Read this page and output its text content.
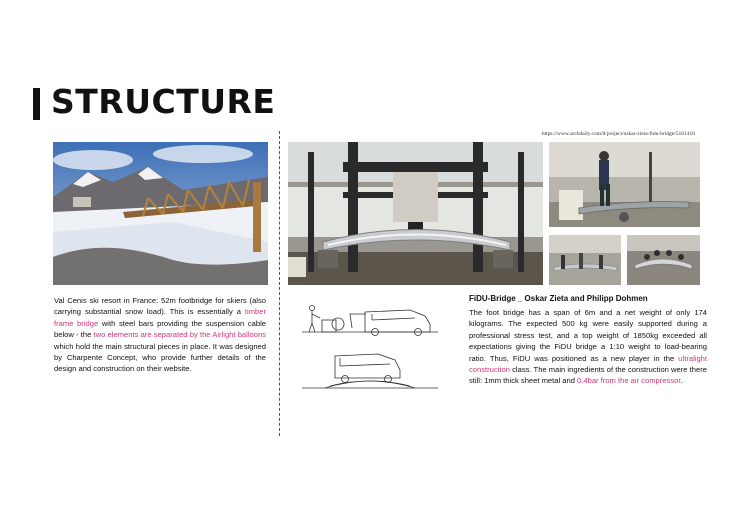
STRUCTURE
https://www.archdaily.com/8/project/oskar-zieta-fidu-bridge/5101416

Val Cenis ski resort in France: 52m footbridge for skiers (also carrying substantial snow load). This is essentially a timber frame bridge with steel bars providing the suspension cable below - the two elements are separated by the Airlight balloons which hold the main structural pieces in place. It was designed by Charpente Concept, who provide further details of the design and construction on their website.

FiDU-Bridge _ Oskar Zieta and Philipp Dohmen

The foot bridge has a span of 6m and a net weight of only 174 kilograms. The expected 500 kg were easily supported during a professional stress test, and a top weight of 1850kg exceeded all expectations giving the FiDU bridge a 1:10 weight to load-bearing ratio. Thus, FiDU was positioned as a new player in the ultralight construction class. The main ingredients of the construction were there still: 1mm thick sheet metal and 0.4bar from the air compressor.
